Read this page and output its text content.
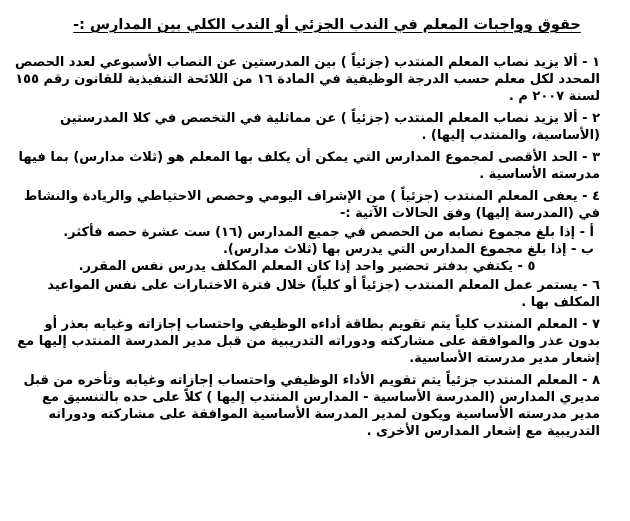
حقوق وواجبات المعلم في الندب الجزئي أو الندب الكلي بين المدارس :-

١ - ألا يزيد نصاب المعلم المنتدب (جزئياً ) بين المدرستين عن النصاب الأسبوعي لعدد الحصص المحدد لكل معلم حسب الدرجة الوظيفية في المادة ١٦ من اللائحة التنفيذية للقانون رقم ١٥٥ لسنة ٢٠٠٧ م .

٢ - ألا يزيد نصاب المعلم المنتدب (جزئياً ) عن مماثلية في التخصص في كلا المدرستين (الأساسية، والمنتدب إليها) .

٣ - الحد الأقصى لمجموع المدارس التي يمكن أن يكلف بها المعلم هو (ثلاث مدارس) بما فيها مدرسته الأساسية .

٤ - يعفى المعلم المنتدب (جزئياً ) من الإشراف اليومي وحصص الاحتياطي والريادة والنشاط في (المدرسة إليها) وفق الحالات الآتية :-

أ - إذا بلغ مجموع نصابه من الحصص في جميع المدارس (١٦) ست عشرة حصه فأكثر.

ب - إذا بلغ مجموع المدارس التي يدرس بها (ثلاث مدارس).

٥ - يكتفي بدفتر تحضير واحد إذا كان المعلم المكلف يدرس نفس المقرر.

٦ - يستمر عمل المعلم المنتدب (جزئياً أو كلياً) خلال فترة الاختبارات على نفس المواعيد المكلف بها .

٧ - المعلم المنتدب كلياً يتم تقويم بطاقة أداءه الوظيفي واحتساب إجازاته وغيابه بعذر أو بدون عذر والموافقة على مشاركته ودوراته التدريبية من قبل مدير المدرسة المنتدب إليها مع إشعار مدير مدرسته الأساسية.

٨ - المعلم المنتدب جزئياً يتم تقويم الأداء الوظيفي واحتساب إجازاته وغيابه وتأخره من قبل مديري المدارس (المدرسة الأساسية - المدارس المنتدب إليها ) كلاً على حده بالتنسيق مع مدير مدرسته الأساسية ويكون لمدير المدرسة الأساسية الموافقة على مشاركته ودوراته التدريبية مع إشعار المدارس الأخرى .
